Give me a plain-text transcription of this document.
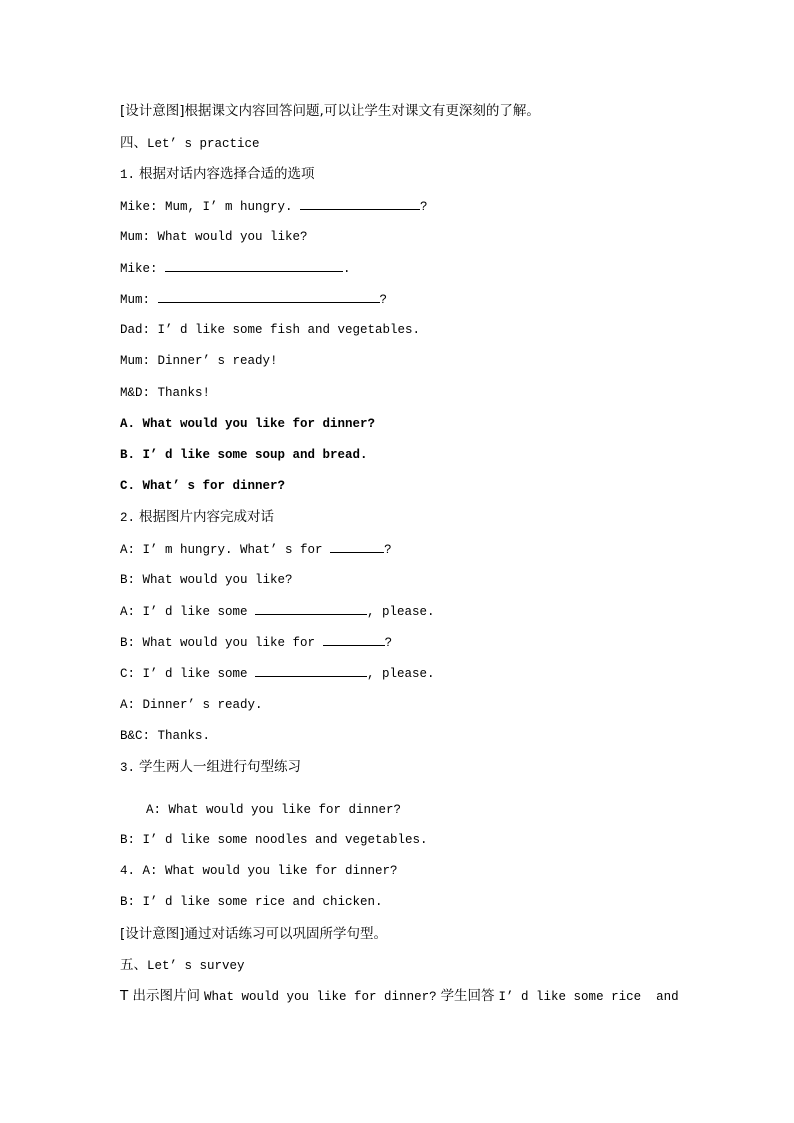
[设计意图]根据课文内容回答问题,可以让学生对课文有更深刻的了解。
四、Let’ s practice
1. 根据对话内容选择合适的选项
Mike: Mum, I’ m hungry.	?
Mum: What would you like?
Mike:	.
Mum:	?
Dad: I’ d like some fish and vegetables.
Mum: Dinner’ s ready!
M&D: Thanks!
A. What would you like for dinner?
B. I’ d like some soup and bread.
C. What’ s for dinner?
2. 根据图片内容完成对话
A: I’ m hungry. What’ s for	?
B: What would you like?
A: I’ d like some	, please.
B: What would you like for	?
C: I’ d like some	, please.
A: Dinner’ s ready.
B&C: Thanks.
3. 学生两人一组进行句型练习
A: What would you like for dinner?
B: I’ d like some noodles and vegetables.
4. A: What would you like for dinner?
B: I’ d like some rice and chicken.
[设计意图]通过对话练习可以巩固所学句型。
五、Let’ s survey
T 出示图片问 What would you like for dinner? 学生回答 I’ d like some rice  and
